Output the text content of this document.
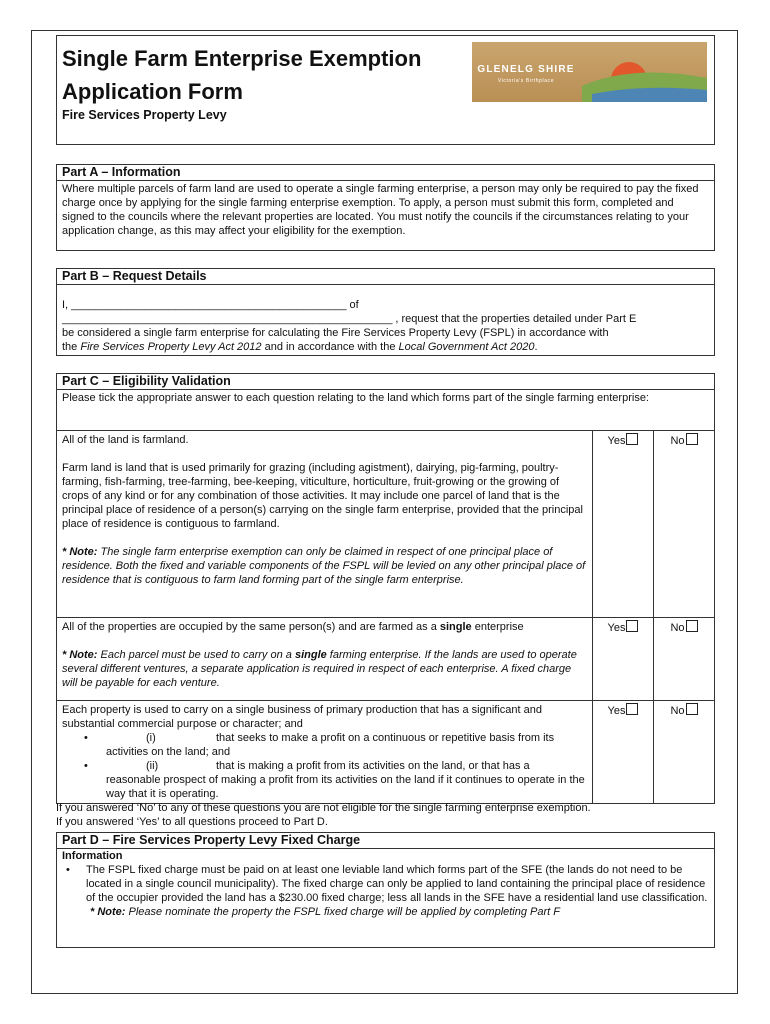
Single Farm Enterprise Exemption Application Form
Fire Services Property Levy
GLENELG SHIRE
Victoria's Birthplace
Part A – Information
Where multiple parcels of farm land are used to operate a single farming enterprise, a person may only be required to pay the fixed charge once by applying for the single farming enterprise exemption. To apply, a person must submit this form, completed and signed to the councils where the relevant properties are located. You must notify the councils if the circumstances relating to your application change, as this may affect your eligibility for the exemption.
Part B – Request Details

I, _____________________________________________ of

______________________________________________________ , request that the properties detailed under Part E

be considered a single farm enterprise for calculating the Fire Services Property Levy (FSPL) in accordance with

the Fire Services Property Levy Act 2012 and in accordance with the Local Government Act 2020.

Part C – Eligibility Validation
Please tick the appropriate answer to each question relating to the land which forms part of the single farming enterprise:

All of the land is farmland.

Farm land is land that is used primarily for grazing (including agistment), dairying, pig-farming, poultry-farming, fish-farming, tree-farming, bee-keeping, viticulture, horticulture, fruit-growing or the growing of crops of any kind or for any combination of those activities. It may include one parcel of land that is the principal place of residence of a person(s) carrying on the single farm enterprise, provided that the principal place of residence is contiguous to farmland.

* Note: The single farm enterprise exemption can only be claimed in respect of one principal place of residence. Both the fixed and variable components of the FSPL will be levied on any other principal place of residence that is contiguous to farm land forming part of the single farm enterprise.	Yes	No

All of the properties are occupied by the same person(s) and are farmed as a single enterprise

* Note: Each parcel must be used to carry on a single farming enterprise. If the lands are used to operate several different ventures, a separate application is required in respect of each enterprise. A fixed charge will be payable for each venture.	Yes	No

Each property is used to carry on a single business of primary production that has a significant and substantial commercial purpose or character; and

• (i) that seeks to make a profit on a continuous or repetitive basis from its activities on the land; and
• (ii) that is making a profit from its activities on the land, or that has a reasonable prospect of making a profit from its activities on the land if it continues to operate in the way that it is operating.	Yes	No

If you answered ‘No’ to any of these questions you are not eligible for the single farming enterprise exemption.

If you answered ‘Yes’ to all questions proceed to Part D.

Part D – Fire Services Property Levy Fixed Charge

Information

•	The FSPL fixed charge must be paid on at least one leviable land which forms part of the SFE (the lands do not need to be located in a single council municipality). The fixed charge can only be applied to land containing the principal place of residence of the occupier provided the land has a $230.00 fixed charge; less all lands in the SFE have a residential land use classification.

* Note: Please nominate the property the FSPL fixed charge will be applied by completing Part F
